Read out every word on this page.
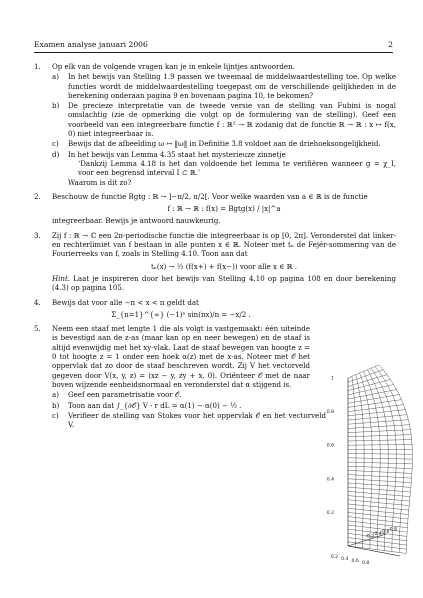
Examen analyse januari 2006	2
1. Op elk van de volgende vragen kan je in enkele lijntjes antwoorden.
a) In het bewijs van Stelling 1.9 passen we tweemaal de middelwaardestelling toe. Op welke functies wordt de middelwaardestelling toegepast om de verschillende gelijkheden in de berekening onderaan pagina 9 en bovenaan pagina 10, te bekomen?
b) De precieze interpretatie van de tweede versie van de stelling van Fubini is nogal omslachtig (zie de opmerking die volgt op de formulering van de stelling). Geef een voorbeeld van een integreerbare functie f : ℝ² → ℝ zodanig dat de functie ℝ → ℝ : x ↦ f(x, 0) niet integreerbaar is.
c) Bewijs dat de afbeelding ω ↦ ‖ω‖ in Definitie 3.8 voldoet aan de driehoeksongelijkheid.
d) In het bewijs van Lemma 4.35 staat het mysterieuze zinnetje
‘Dankzij Lemma 4.18 is het dan voldoende het lemma te verifiëren wanneer g = χ_I, voor een begrensd interval I ⊂ ℝ.’
Waarom is dit zo?
2. Beschouw de functie Bgtg : ℝ → ]−π/2, π/2[. Voor welke waarden van a ∈ ℝ is de functie
f : ℝ → ℝ : f(x) = Bgtg(x) / |x|^a
integreerbaar. Bewijs je antwoord nauwkeurig.
3. Zij f : ℝ → ℂ een 2π-periodische functie die integreerbaar is op [0, 2π]. Veronderstel dat linker- en rechterlimiet van f bestaan in alle punten x ∈ ℝ. Noteer met tₙ de Fejér-sommering van de Fourierreeks van f, zoals in Stelling 4.10. Toon aan dat
tₙ(x) → ½ (f(x+) + f(x−)) voor alle x ∈ ℝ .
Hint. Laat je inspireren door het bewijs van Stelling 4.10 op pagina 108 en door berekening (4.3) op pagina 105.
4. Bewijs dat voor alle −π < x < π geldt dat
Σ_{n=1}^{∞} (−1)ⁿ sin(nx)/n = −x/2 .
5. Neem een staaf met lengte 1 die als volgt is vastgemaakt: één uiteinde is bevestigd aan de z-as (maar kan op en neer bewegen) en de staaf is altijd evenwijdig met het xy-vlak. Laat de staaf bewegen van hoogte z = 0 tot hoogte z = 1 onder een hoek α(z) met de x-as. Noteer met 𝒪 het oppervlak dat zo door de staaf beschreven wordt. Zij V het vectorveld gegeven door V(x, y, z) = (xz − y, zy + x, 0). Oriënteer 𝒪 met de naar boven wijzende eenheidsnormaal en veronderstel dat α stijgend is.
a) Geef een parametrisatie voor 𝒪.
b) Toon aan dat ∫_{∂𝒪} V · r dL = α(1) − α(0) − ½ .
c) Verifieer de stelling van Stokes voor het oppervlak 𝒪 en het vectorveld V.
1
0.8
0.6
0.4
0.2
0.8
0.6
0.4
0.2
-0.2
-0.4
-0.6
-0.8
